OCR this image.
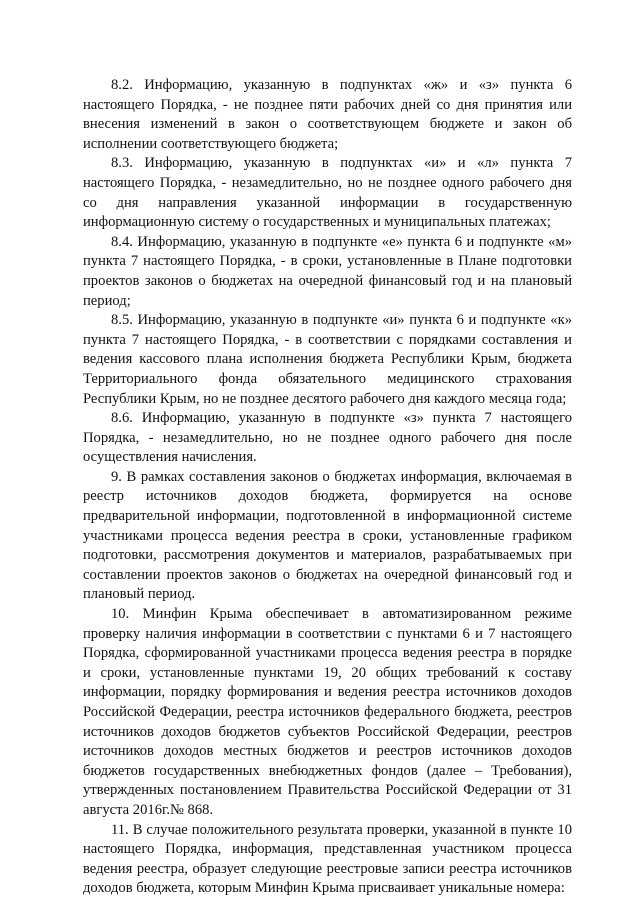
8.2. Информацию, указанную в подпунктах «ж» и «з» пункта 6 настоящего Порядка, - не позднее пяти рабочих дней со дня принятия или внесения изменений в закон о соответствующем бюджете и закон об исполнении соответствующего бюджета;

8.3. Информацию, указанную в подпунктах «и» и «л» пункта 7 настоящего Порядка, - незамедлительно, но не позднее одного рабочего дня со дня направления указанной информации в государственную информационную систему о государственных и муниципальных платежах;

8.4. Информацию, указанную в подпункте «е» пункта 6 и подпункте «м» пункта 7 настоящего Порядка, - в сроки, установленные в Плане подготовки проектов законов о бюджетах на очередной финансовый год и на плановый период;

8.5. Информацию, указанную в подпункте «и» пункта 6 и подпункте «к» пункта 7 настоящего Порядка, - в соответствии с порядками составления и ведения кассового плана исполнения бюджета Республики Крым, бюджета Территориального фонда обязательного медицинского страхования Республики Крым, но не позднее десятого рабочего дня каждого месяца года;

8.6. Информацию, указанную в подпункте «з» пункта 7 настоящего Порядка, - незамедлительно, но не позднее одного рабочего дня после осуществления начисления.

9. В рамках составления законов о бюджетах информация, включаемая в реестр источников доходов бюджета, формируется на основе предварительной информации, подготовленной в информационной системе участниками процесса ведения реестра в сроки, установленные графиком подготовки, рассмотрения документов и материалов, разрабатываемых при составлении проектов законов о бюджетах на очередной финансовый год и плановый период.

10. Минфин Крыма обеспечивает в автоматизированном режиме проверку наличия информации в соответствии с пунктами 6 и 7 настоящего Порядка, сформированной участниками процесса ведения реестра в порядке и сроки, установленные пунктами 19, 20 общих требований к составу информации, порядку формирования и ведения реестра источников доходов Российской Федерации, реестра источников федерального бюджета, реестров источников доходов бюджетов субъектов Российской Федерации, реестров источников доходов местных бюджетов и реестров источников доходов бюджетов государственных внебюджетных фондов (далее – Требования), утвержденных постановлением Правительства Российской Федерации от 31 августа 2016г.№ 868.

11. В случае положительного результата проверки, указанной в пункте 10 настоящего Порядка, информация, представленная участником процесса ведения реестра, образует следующие реестровые записи реестра источников доходов бюджета, которым Минфин Крыма присваивает уникальные номера:
